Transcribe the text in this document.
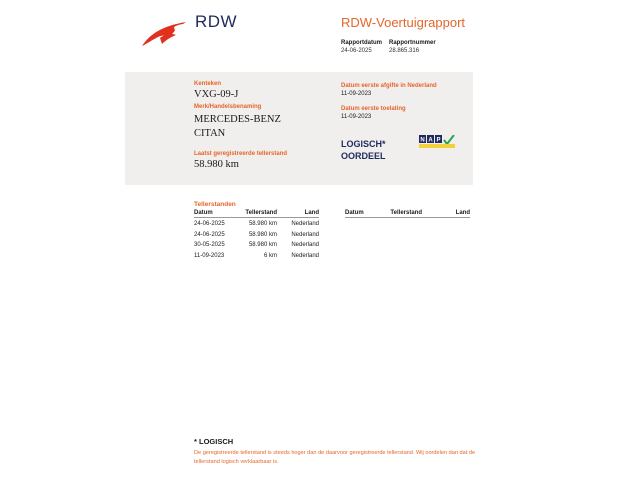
RDW	RDW-Voertuigrapport
Rapportdatum
24-06-2025
Rapportnummer
28.865.316
Kenteken
VXG-09-J
Merk/Handelsbenaming
MERCEDES-BENZ
CITAN
Laatst geregistreerde tellerstand
58.980 km
Datum eerste afgifte in Nederland
11-09-2023
Datum eerste toelating
11-09-2023
LOGISCH*
OORDEEL
N A P
Tellerstanden
Datum	Tellerstand	Land	Datum	Tellerstand	Land
24-06-2025	58.980 km Nederland
24-06-2025	58.980 km Nederland
30-05-2025	58.980 km Nederland
11-09-2023	6 km Nederland
* LOGISCH
De geregistreerde tellerstand is steeds hoger dan de daarvoor geregistreerde tellerstand. Wij oordelen dan dat de tellerstand logisch verklaarbaar is.
